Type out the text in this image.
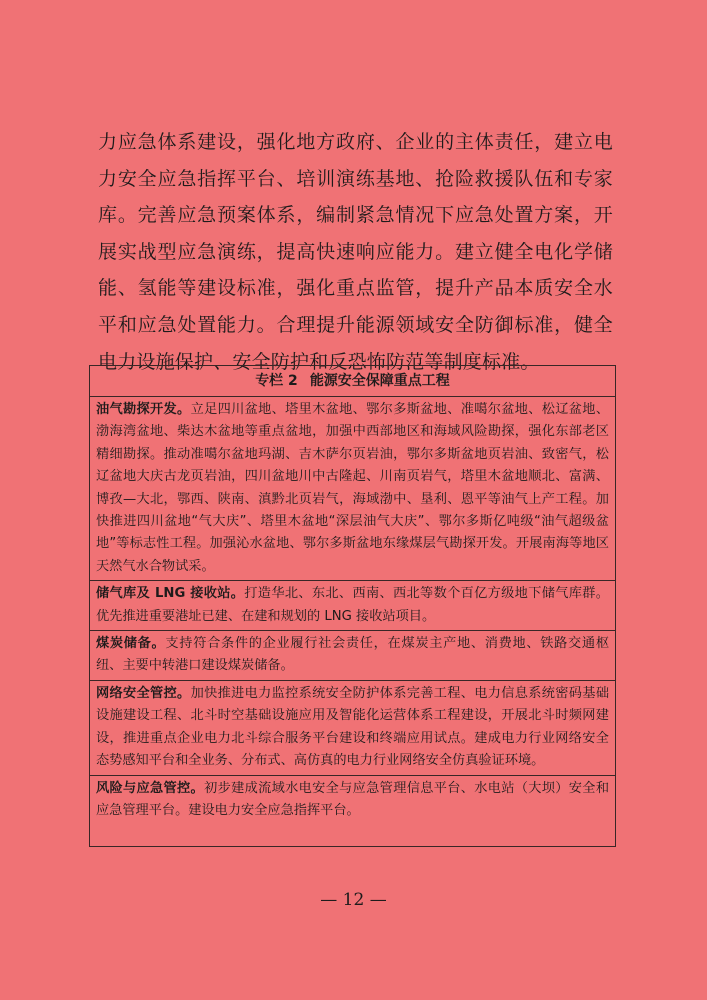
力应急体系建设，强化地方政府、企业的主体责任，建立电力安全应急指挥平台、培训演练基地、抢险救援队伍和专家库。完善应急预案体系，编制紧急情况下应急处置方案，开展实战型应急演练，提高快速响应能力。建立健全电化学储能、氢能等建设标准，强化重点监管，提升产品本质安全水平和应急处置能力。合理提升能源领域安全防御标准，健全电力设施保护、安全防护和反恐怖防范等制度标准。
专栏 2 能源安全保障重点工程
油气勘探开发。立足四川盆地、塔里木盆地、鄂尔多斯盆地、准噶尔盆地、松辽盆地、渤海湾盆地、柴达木盆地等重点盆地，加强中西部地区和海域风险勘探，强化东部老区精细勘探。推动准噶尔盆地玛湖、吉木萨尔页岩油，鄂尔多斯盆地页岩油、致密气，松辽盆地大庆古龙页岩油，四川盆地川中古隆起、川南页岩气，塔里木盆地顺北、富满、博孜—大北，鄂西、陕南、滇黔北页岩气，海域渤中、垦利、恩平等油气上产工程。加快推进四川盆地“气大庆”、塔里木盆地“深层油气大庆”、鄂尔多斯亿吨级“油气超级盆地”等标志性工程。加强沁水盆地、鄂尔多斯盆地东缘煤层气勘探开发。开展南海等地区天然气水合物试采。
储气库及 LNG 接收站。打造华北、东北、西南、西北等数个百亿方级地下储气库群。优先推进重要港址已建、在建和规划的 LNG 接收站项目。
煤炭储备。支持符合条件的企业履行社会责任，在煤炭主产地、消费地、铁路交通枢纽、主要中转港口建设煤炭储备。
网络安全管控。加快推进电力监控系统安全防护体系完善工程、电力信息系统密码基础设施建设工程、北斗时空基础设施应用及智能化运营体系工程建设，开展北斗时频网建设，推进重点企业电力北斗综合服务平台建设和终端应用试点。建成电力行业网络安全态势感知平台和全业务、分布式、高仿真的电力行业网络安全仿真验证环境。
风险与应急管控。初步建成流域水电安全与应急管理信息平台、水电站（大坝）安全和应急管理平台。建设电力安全应急指挥平台。
— 12 —
